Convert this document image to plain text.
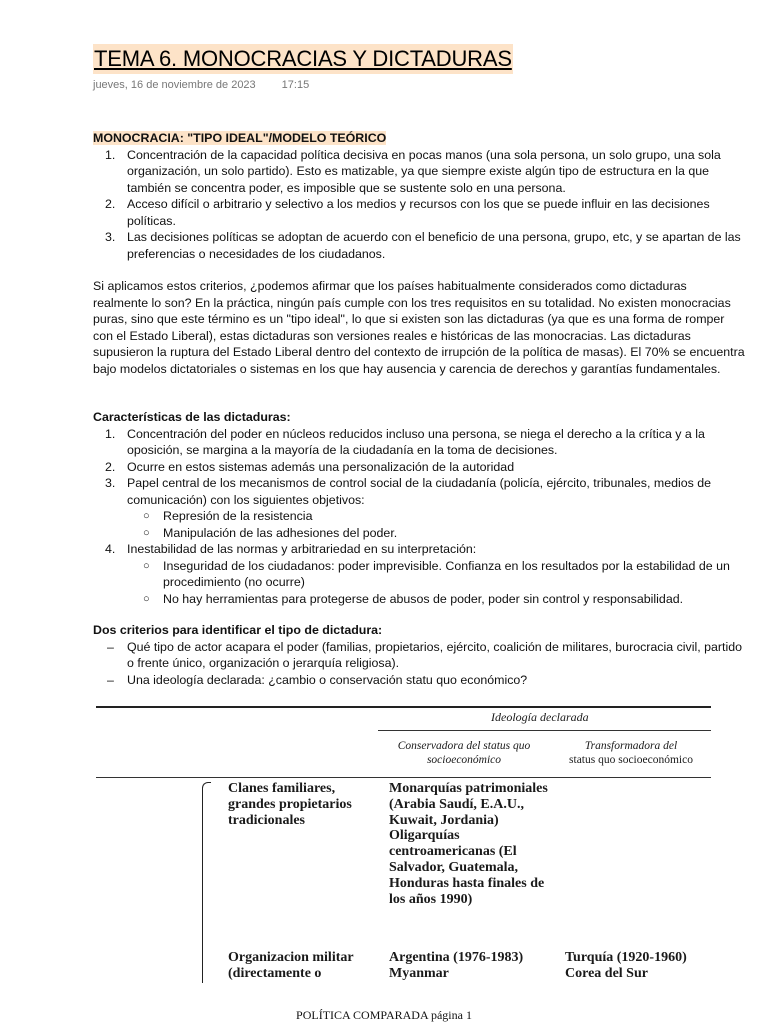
TEMA 6. MONOCRACIAS Y DICTADURAS
jueves, 16 de noviembre de 2023 17:15
MONOCRACIA: "TIPO IDEAL"/MODELO TEÓRICO
1. Concentración de la capacidad política decisiva en pocas manos (una sola persona, un solo grupo, una sola organización, un solo partido). Esto es matizable, ya que siempre existe algún tipo de estructura en la que también se concentra poder, es imposible que se sustente solo en una persona.
2. Acceso difícil o arbitrario y selectivo a los medios y recursos con los que se puede influir en las decisiones políticas.
3. Las decisiones políticas se adoptan de acuerdo con el beneficio de una persona, grupo, etc, y se apartan de las preferencias o necesidades de los ciudadanos.

Si aplicamos estos criterios, ¿podemos afirmar que los países habitualmente considerados como dictaduras realmente lo son? En la práctica, ningún país cumple con los tres requisitos en su totalidad. No existen monocracias puras, sino que este término es un "tipo ideal", lo que si existen son las dictaduras (ya que es una forma de romper con el Estado Liberal), estas dictaduras son versiones reales e históricas de las monocracias. Las dictaduras supusieron la ruptura del Estado Liberal dentro del contexto de irrupción de la política de masas). El 70% se encuentra bajo modelos dictatoriales o sistemas en los que hay ausencia y carencia de derechos y garantías fundamentales.

Características de las dictaduras:
1. Concentración del poder en núcleos reducidos incluso una persona, se niega el derecho a la crítica y a la oposición, se margina a la mayoría de la ciudadanía en la toma de decisiones.
2. Ocurre en estos sistemas además una personalización de la autoridad
3. Papel central de los mecanismos de control social de la ciudadanía (policía, ejército, tribunales, medios de comunicación) con los siguientes objetivos:
○ Represión de la resistencia
○ Manipulación de las adhesiones del poder.
4. Inestabilidad de las normas y arbitrariedad en su interpretación:
○ Inseguridad de los ciudadanos: poder imprevisible. Confianza en los resultados por la estabilidad de un procedimiento (no ocurre)
○ No hay herramientas para protegerse de abusos de poder, poder sin control y responsabilidad.
Dos criterios para identificar el tipo de dictadura:
– Qué tipo de actor acapara el poder (familias, propietarios, ejército, coalición de militares, burocracia civil, partido o frente único, organización o jerarquía religiosa).
– Una ideología declarada: ¿cambio o conservación statu quo económico?
Ideología declarada
Conservadora del status quo
socioeconómico
Transformadora del
status quo socioeconómico
Clanes familiares, grandes propietarios tradicionales
Monarquías patrimoniales (Arabia Saudí, E.A.U., Kuwait, Jordania) Oligarquías centroamericanas (El Salvador, Guatemala, Honduras hasta finales de los años 1990)
Organizacion militar (directamente o
Argentina (1976-1983) Myanmar
Turquía (1920-1960) Corea del Sur
POLÍTICA COMPARADA página 1
